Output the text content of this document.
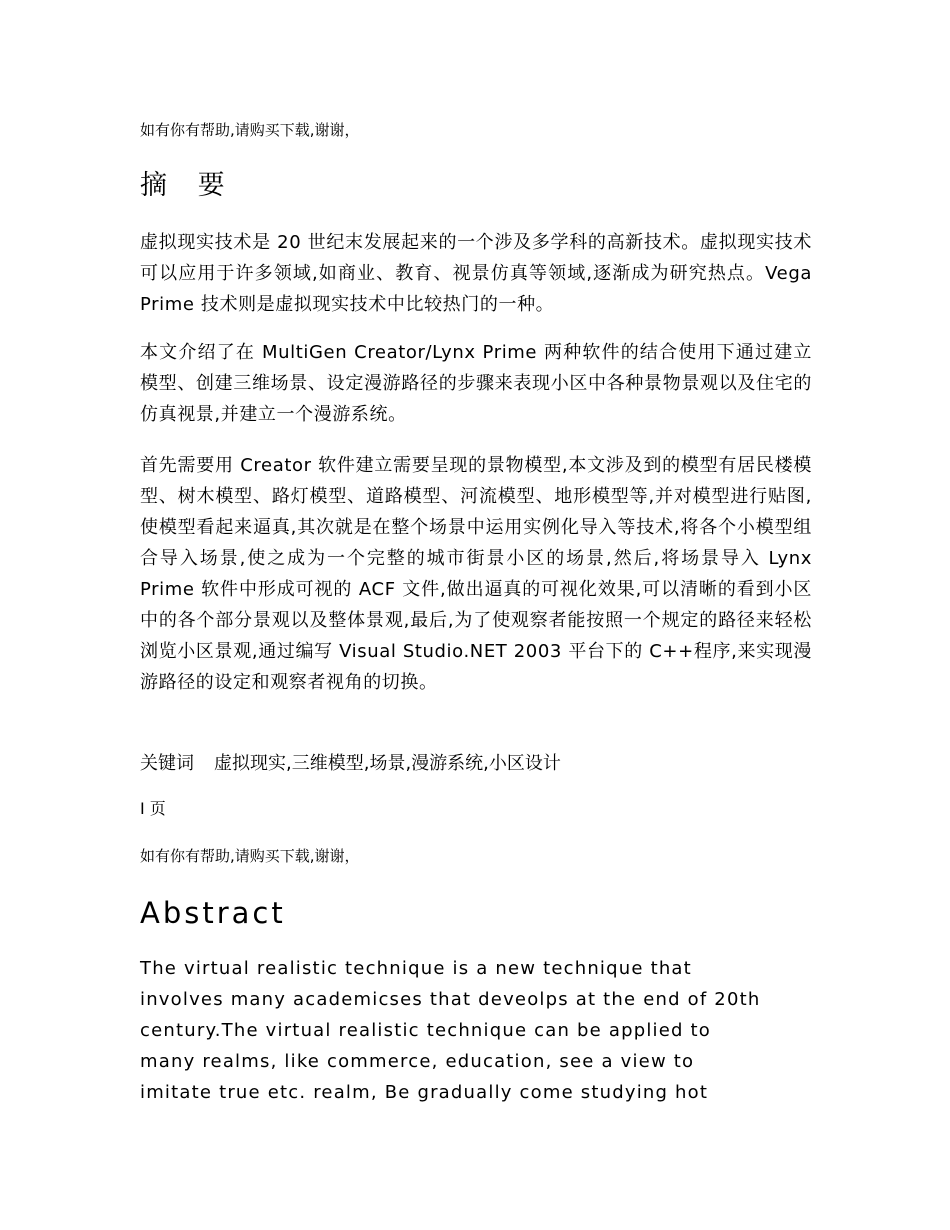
如有你有帮助,请购买下载,谢谢，
摘 要

虚拟现实技术是 20 世纪末发展起来的一个涉及多学科的高新技术。虚拟现实技术可以应用于许多领域,如商业、教育、视景仿真等领域,逐渐成为研究热点。Vega Prime 技术则是虚拟现实技术中比较热门的一种。

本文介绍了在 MultiGen Creator/Lynx Prime 两种软件的结合使用下通过建立模型、创建三维场景、设定漫游路径的步骤来表现小区中各种景物景观以及住宅的仿真视景,并建立一个漫游系统。

首先需要用 Creator 软件建立需要呈现的景物模型,本文涉及到的模型有居民楼模型、树木模型、路灯模型、道路模型、河流模型、地形模型等,并对模型进行贴图,使模型看起来逼真,其次就是在整个场景中运用实例化导入等技术,将各个小模型组合导入场景,使之成为一个完整的城市街景小区的场景,然后,将场景导入 Lynx Prime 软件中形成可视的 ACF 文件,做出逼真的可视化效果,可以清晰的看到小区中的各个部分景观以及整体景观,最后,为了使观察者能按照一个规定的路径来轻松浏览小区景观,通过编写 Visual Studio.NET 2003 平台下的 C++程序,来实现漫游路径的设定和观察者视角的切换。

关键词 虚拟现实,三维模型,场景,漫游系统,小区设计
I 页
如有你有帮助,请购买下载,谢谢，
Abstract

The virtual realistic technique is a new technique that
involves many academicses that deveolps at the end of 20th
century.The virtual realistic technique can be applied to
many realms, like commerce, education, see a view to
imitate true etc. realm, Be gradually come studying hot
